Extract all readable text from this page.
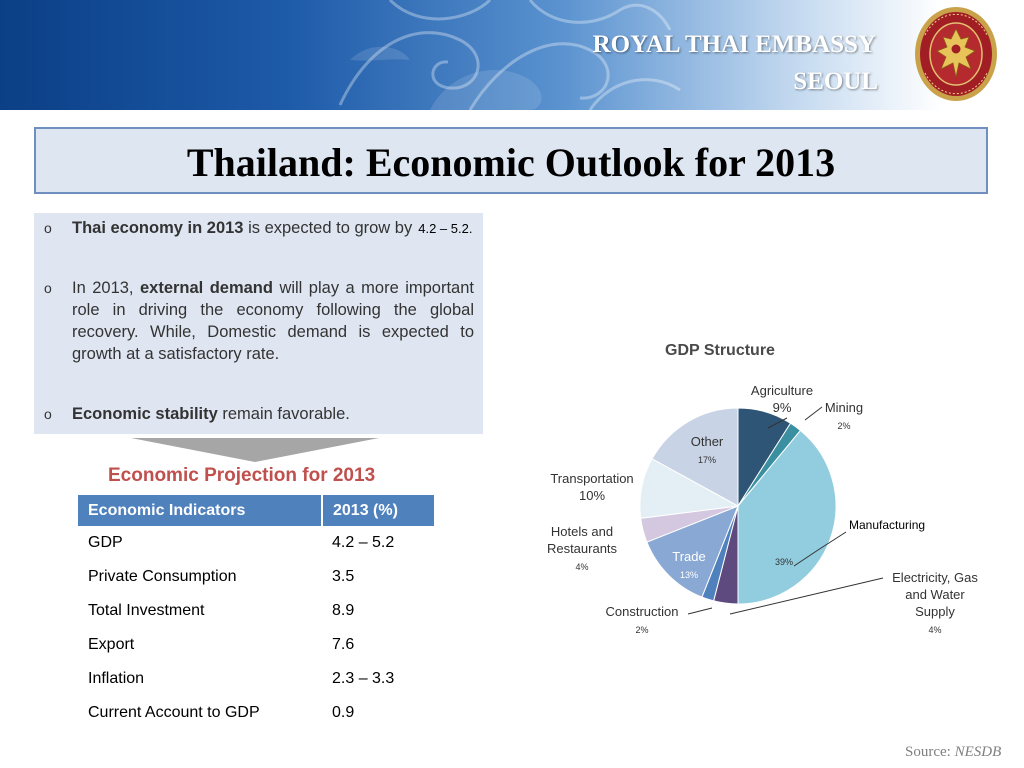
ROYAL THAI EMBASSY
SEOUL
Thailand: Economic Outlook for 2013
o Thai economy in 2013 is expected to grow by 4.2 – 5.2.
o In 2013, external demand will play a more important role in driving the economy following the global recovery. While, Domestic demand is expected to growth at a satisfactory rate.
o Economic stability remain favorable.
Economic Projection for 2013
Economic Indicators	2013 (%)
GDP	4.2 – 5.2
Private Consumption	3.5
Total Investment	8.9
Export	7.6
Inflation	2.3 – 3.3
Current Account to GDP	0.9
GDP Structure
Agriculture
9%	Mining
2%
Manufacturing
39%
Electricity, Gas
and Water
Supply
4%
Construction
2%
Trade
13%
Hotels and
Restaurants
4%
Transportation
10%
Other
17%
Source: NESDB
